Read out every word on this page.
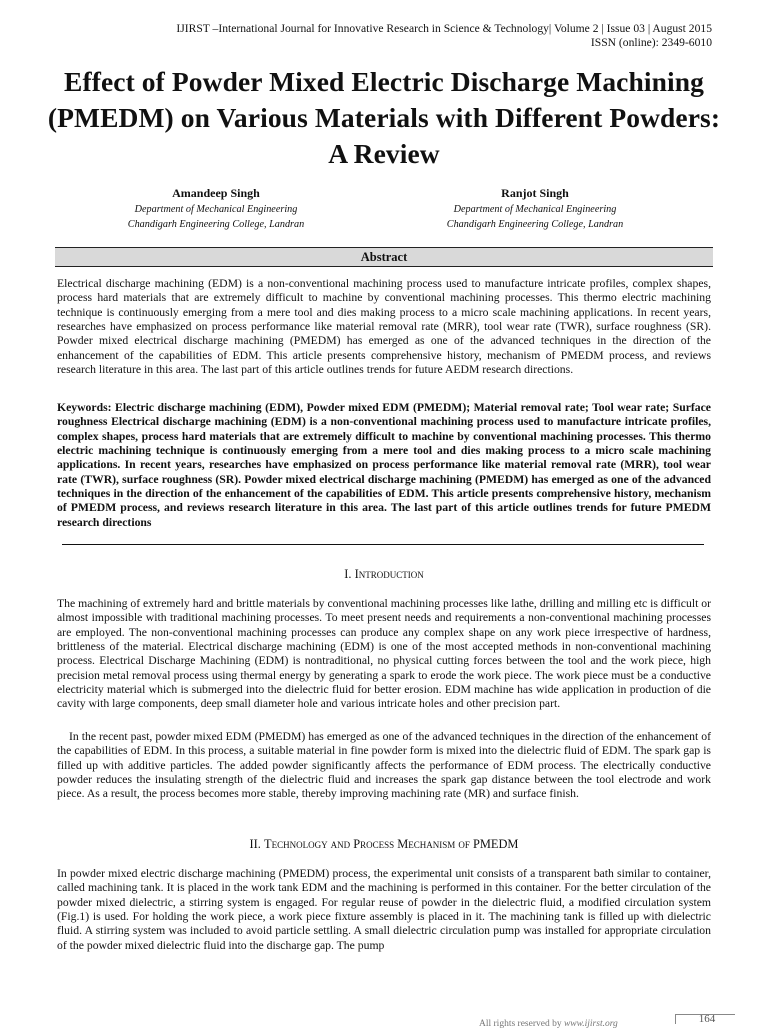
IJIRST –International Journal for Innovative Research in Science & Technology| Volume 2 | Issue 03 | August 2015
ISSN (online): 2349-6010
Effect of Powder Mixed Electric Discharge Machining (PMEDM) on Various Materials with Different Powders: A Review
Amandeep Singh
Department of Mechanical Engineering
Chandigarh Engineering College, Landran
Ranjot Singh
Department of Mechanical Engineering
Chandigarh Engineering College, Landran
Abstract
Electrical discharge machining (EDM) is a non-conventional machining process used to manufacture intricate profiles, complex shapes, process hard materials that are extremely difficult to machine by conventional machining processes. This thermo electric machining technique is continuously emerging from a mere tool and dies making process to a micro scale machining applications. In recent years, researches have emphasized on process performance like material removal rate (MRR), tool wear rate (TWR), surface roughness (SR). Powder mixed electrical discharge machining (PMEDM) has emerged as one of the advanced techniques in the direction of the enhancement of the capabilities of EDM. This article presents comprehensive history, mechanism of PMEDM process, and reviews research literature in this area. The last part of this article outlines trends for future AEDM research directions.
Keywords: Electric discharge machining (EDM), Powder mixed EDM (PMEDM); Material removal rate; Tool wear rate; Surface roughness Electrical discharge machining (EDM) is a non-conventional machining process used to manufacture intricate profiles, complex shapes, process hard materials that are extremely difficult to machine by conventional machining processes. This thermo electric machining technique is continuously emerging from a mere tool and dies making process to a micro scale machining applications. In recent years, researches have emphasized on process performance like material removal rate (MRR), tool wear rate (TWR), surface roughness (SR). Powder mixed electrical discharge machining (PMEDM) has emerged as one of the advanced techniques in the direction of the enhancement of the capabilities of EDM. This article presents comprehensive history, mechanism of PMEDM process, and reviews research literature in this area. The last part of this article outlines trends for future PMEDM research directions
I. Introduction
The machining of extremely hard and brittle materials by conventional machining processes like lathe, drilling and milling etc is difficult or almost impossible with traditional machining processes. To meet present needs and requirements a non-conventional machining processes are employed. The non-conventional machining processes can produce any complex shape on any work piece irrespective of hardness, brittleness of the material. Electrical discharge machining (EDM) is one of the most accepted methods in non-conventional machining process. Electrical Discharge Machining (EDM) is nontraditional, no physical cutting forces between the tool and the work piece, high precision metal removal process using thermal energy by generating a spark to erode the work piece. The work piece must be a conductive electricity material which is submerged into the dielectric fluid for better erosion. EDM machine has wide application in production of die cavity with large components, deep small diameter hole and various intricate holes and other precision part.
In the recent past, powder mixed EDM (PMEDM) has emerged as one of the advanced techniques in the direction of the enhancement of the capabilities of EDM. In this process, a suitable material in fine powder form is mixed into the dielectric fluid of EDM. The spark gap is filled up with additive particles. The added powder significantly affects the performance of EDM process. The electrically conductive powder reduces the insulating strength of the dielectric fluid and increases the spark gap distance between the tool electrode and work piece. As a result, the process becomes more stable, thereby improving machining rate (MR) and surface finish.
II. Technology and Process Mechanism of PMEDM
In powder mixed electric discharge machining (PMEDM) process, the experimental unit consists of a transparent bath similar to container, called machining tank. It is placed in the work tank EDM and the machining is performed in this container. For the better circulation of the powder mixed dielectric, a stirring system is engaged. For regular reuse of powder in the dielectric fluid, a modified circulation system (Fig.1) is used. For holding the work piece, a work piece fixture assembly is placed in it. The machining tank is filled up with dielectric fluid. A stirring system was included to avoid particle settling. A small dielectric circulation pump was installed for appropriate circulation of the powder mixed dielectric fluid into the discharge gap. The pump
All rights reserved by www.ijirst.org	164
